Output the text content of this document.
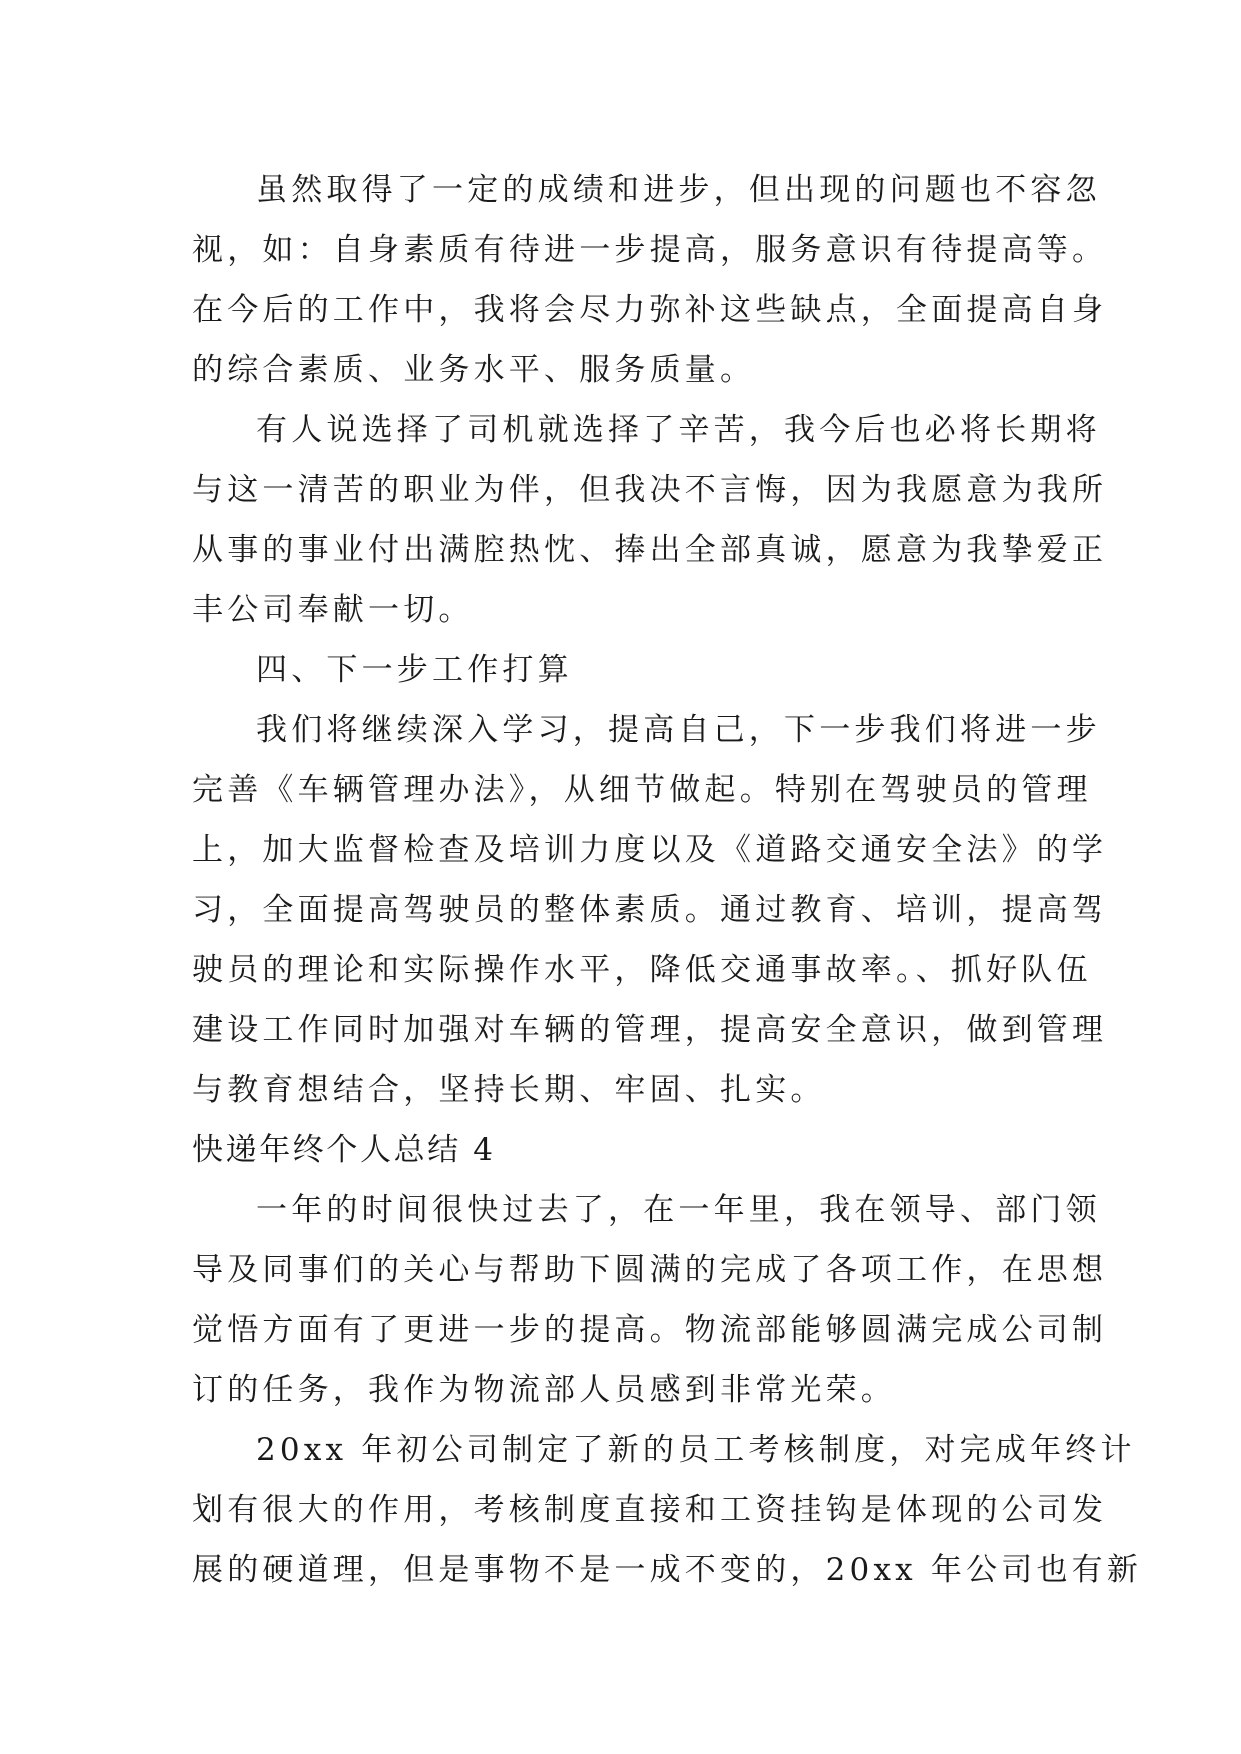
虽然取得了一定的成绩和进步，但出现的问题也不容忽
视，如：自身素质有待进一步提高，服务意识有待提高等。
在今后的工作中，我将会尽力弥补这些缺点，全面提高自身
的综合素质、业务水平、服务质量。
有人说选择了司机就选择了辛苦，我今后也必将长期将
与这一清苦的职业为伴，但我决不言悔，因为我愿意为我所
从事的事业付出满腔热忱、捧出全部真诚，愿意为我挚爱正
丰公司奉献一切。
四、下一步工作打算
我们将继续深入学习，提高自己，下一步我们将进一步
完善《车辆管理办法》，从细节做起。特别在驾驶员的管理
上，加大监督检查及培训力度以及《道路交通安全法》的学
习，全面提高驾驶员的整体素质。通过教育、培训，提高驾
驶员的理论和实际操作水平，降低交通事故率。、抓好队伍
建设工作同时加强对车辆的管理，提高安全意识，做到管理
与教育想结合，坚持长期、牢固、扎实。
快递年终个人总结 4
一年的时间很快过去了，在一年里，我在领导、部门领
导及同事们的关心与帮助下圆满的完成了各项工作，在思想
觉悟方面有了更进一步的提高。物流部能够圆满完成公司制
订的任务，我作为物流部人员感到非常光荣。
20xx 年初公司制定了新的员工考核制度，对完成年终计
划有很大的作用，考核制度直接和工资挂钩是体现的公司发
展的硬道理，但是事物不是一成不变的，20xx 年公司也有新
